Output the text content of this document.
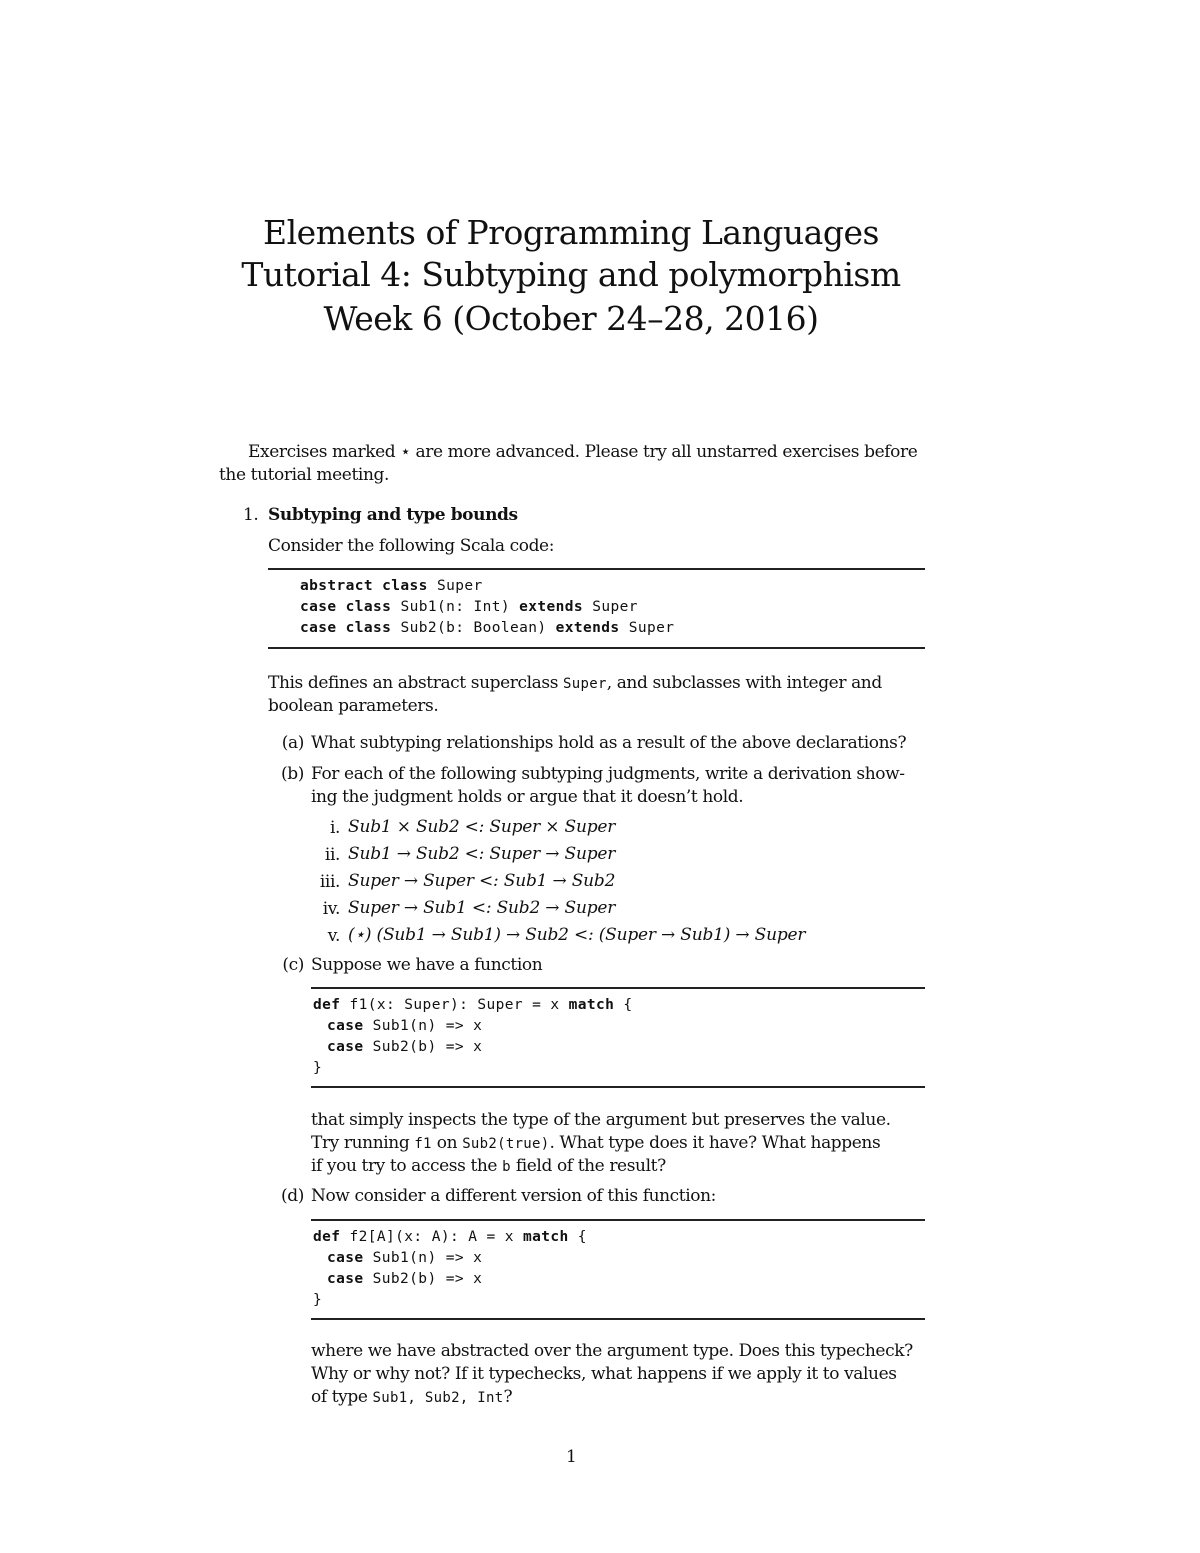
Elements of Programming Languages
Tutorial 4: Subtyping and polymorphism
Week 6 (October 24–28, 2016)
Exercises marked ⋆ are more advanced. Please try all unstarred exercises before
the tutorial meeting.
1. Subtyping and type bounds
Consider the following Scala code:
abstract class Super
case class Sub1(n: Int) extends Super
case class Sub2(b: Boolean) extends Super
This defines an abstract superclass Super, and subclasses with integer and
boolean parameters.
(a) What subtyping relationships hold as a result of the above declarations?
(b) For each of the following subtyping judgments, write a derivation show-
ing the judgment holds or argue that it doesn’t hold.
i. Sub1 × Sub2 <: Super × Super
ii. Sub1 → Sub2 <: Super → Super
iii. Super → Super <: Sub1 → Sub2
iv. Super → Sub1 <: Sub2 → Super
v. (⋆) (Sub1 → Sub1) → Sub2 <: (Super → Sub1) → Super
(c) Suppose we have a function
def f1(x: Super): Super = x match {
case Sub1(n) => x
case Sub2(b) => x
}
that simply inspects the type of the argument but preserves the value.
Try running f1 on Sub2(true). What type does it have? What happens
if you try to access the b field of the result?
(d) Now consider a different version of this function:
def f2[A](x: A): A = x match {
case Sub1(n) => x
case Sub2(b) => x
}
where we have abstracted over the argument type. Does this typecheck?
Why or why not? If it typechecks, what happens if we apply it to values
of type Sub1, Sub2, Int?
1
